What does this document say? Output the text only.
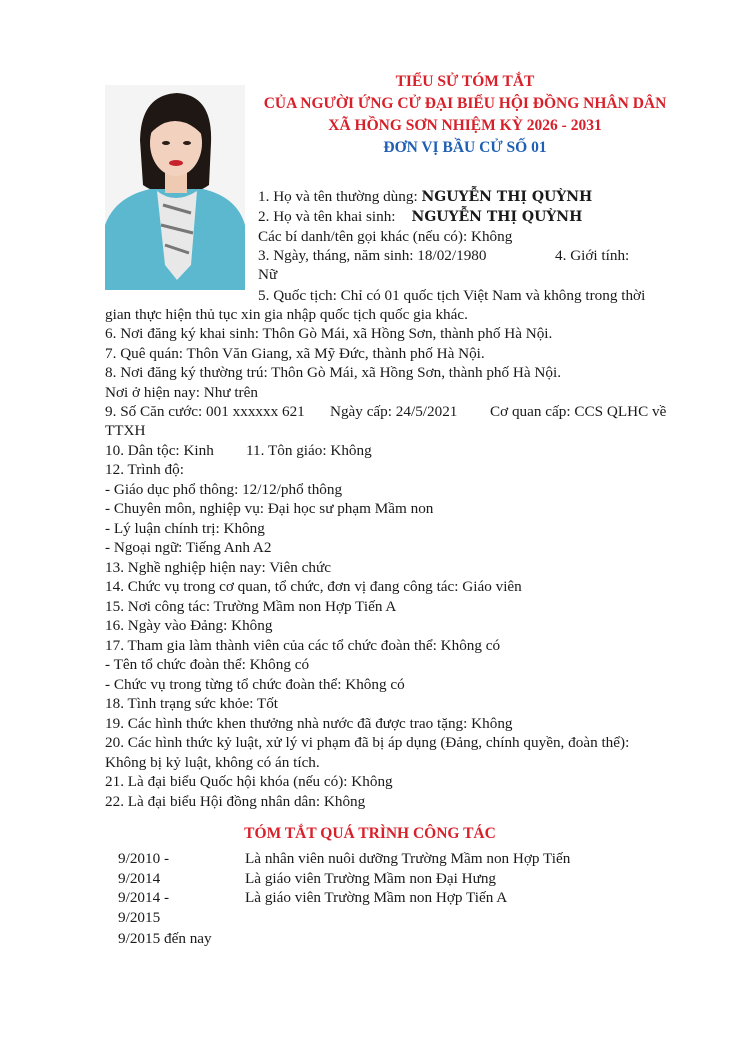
TIỂU SỬ TÓM TẮT
CỦA NGƯỜI ỨNG CỬ ĐẠI BIỂU HỘI ĐỒNG NHÂN DÂN
XÃ HỒNG SƠN NHIỆM KỲ 2026 - 2031
ĐƠN VỊ BẦU CỬ SỐ 01
1. Họ và tên thường dùng: NGUYỄN THỊ QUỲNH
2. Họ và tên khai sinh: NGUYỄN THỊ QUỲNH
Các bí danh/tên gọi khác (nếu có): Không
3. Ngày, tháng, năm sinh: 18/02/1980	4. Giới tính:
Nữ
5. Quốc tịch: Chỉ có 01 quốc tịch Việt Nam và không trong thời
gian thực hiện thủ tục xin gia nhập quốc tịch quốc gia khác.
6. Nơi đăng ký khai sinh: Thôn Gò Mái, xã Hồng Sơn, thành phố Hà Nội.
7. Quê quán: Thôn Văn Giang, xã Mỹ Đức, thành phố Hà Nội.
8. Nơi đăng ký thường trú: Thôn Gò Mái, xã Hồng Sơn, thành phố Hà Nội.
Nơi ở hiện nay: Như trên
9. Số Căn cước: 001 xxxxxx 621 Ngày cấp: 24/5/2021 Cơ quan cấp: CCS QLHC về
TTXH
10. Dân tộc: Kinh 11. Tôn giáo: Không
12. Trình độ:
- Giáo dục phổ thông: 12/12/phổ thông
- Chuyên môn, nghiệp vụ: Đại học sư phạm Mầm non
- Lý luận chính trị: Không
- Ngoại ngữ: Tiếng Anh A2
13. Nghề nghiệp hiện nay: Viên chức
14. Chức vụ trong cơ quan, tổ chức, đơn vị đang công tác: Giáo viên
15. Nơi công tác: Trường Mầm non Hợp Tiến A
16. Ngày vào Đảng: Không
17. Tham gia làm thành viên của các tổ chức đoàn thể: Không có
- Tên tổ chức đoàn thể: Không có
- Chức vụ trong từng tổ chức đoàn thể: Không có
18. Tình trạng sức khỏe: Tốt
19. Các hình thức khen thưởng nhà nước đã được trao tặng: Không
20. Các hình thức kỷ luật, xử lý vi phạm đã bị áp dụng (Đảng, chính quyền, đoàn thể):
Không bị kỷ luật, không có án tích.
21. Là đại biểu Quốc hội khóa (nếu có): Không
22. Là đại biểu Hội đồng nhân dân: Không
TÓM TẮT QUÁ TRÌNH CÔNG TÁC
9/2010 -	Là nhân viên nuôi dưỡng Trường Mầm non Hợp Tiến
9/2014	Là giáo viên Trường Mầm non Đại Hưng
9/2014 -	Là giáo viên Trường Mầm non Hợp Tiến A
9/2015
9/2015 đến nay
